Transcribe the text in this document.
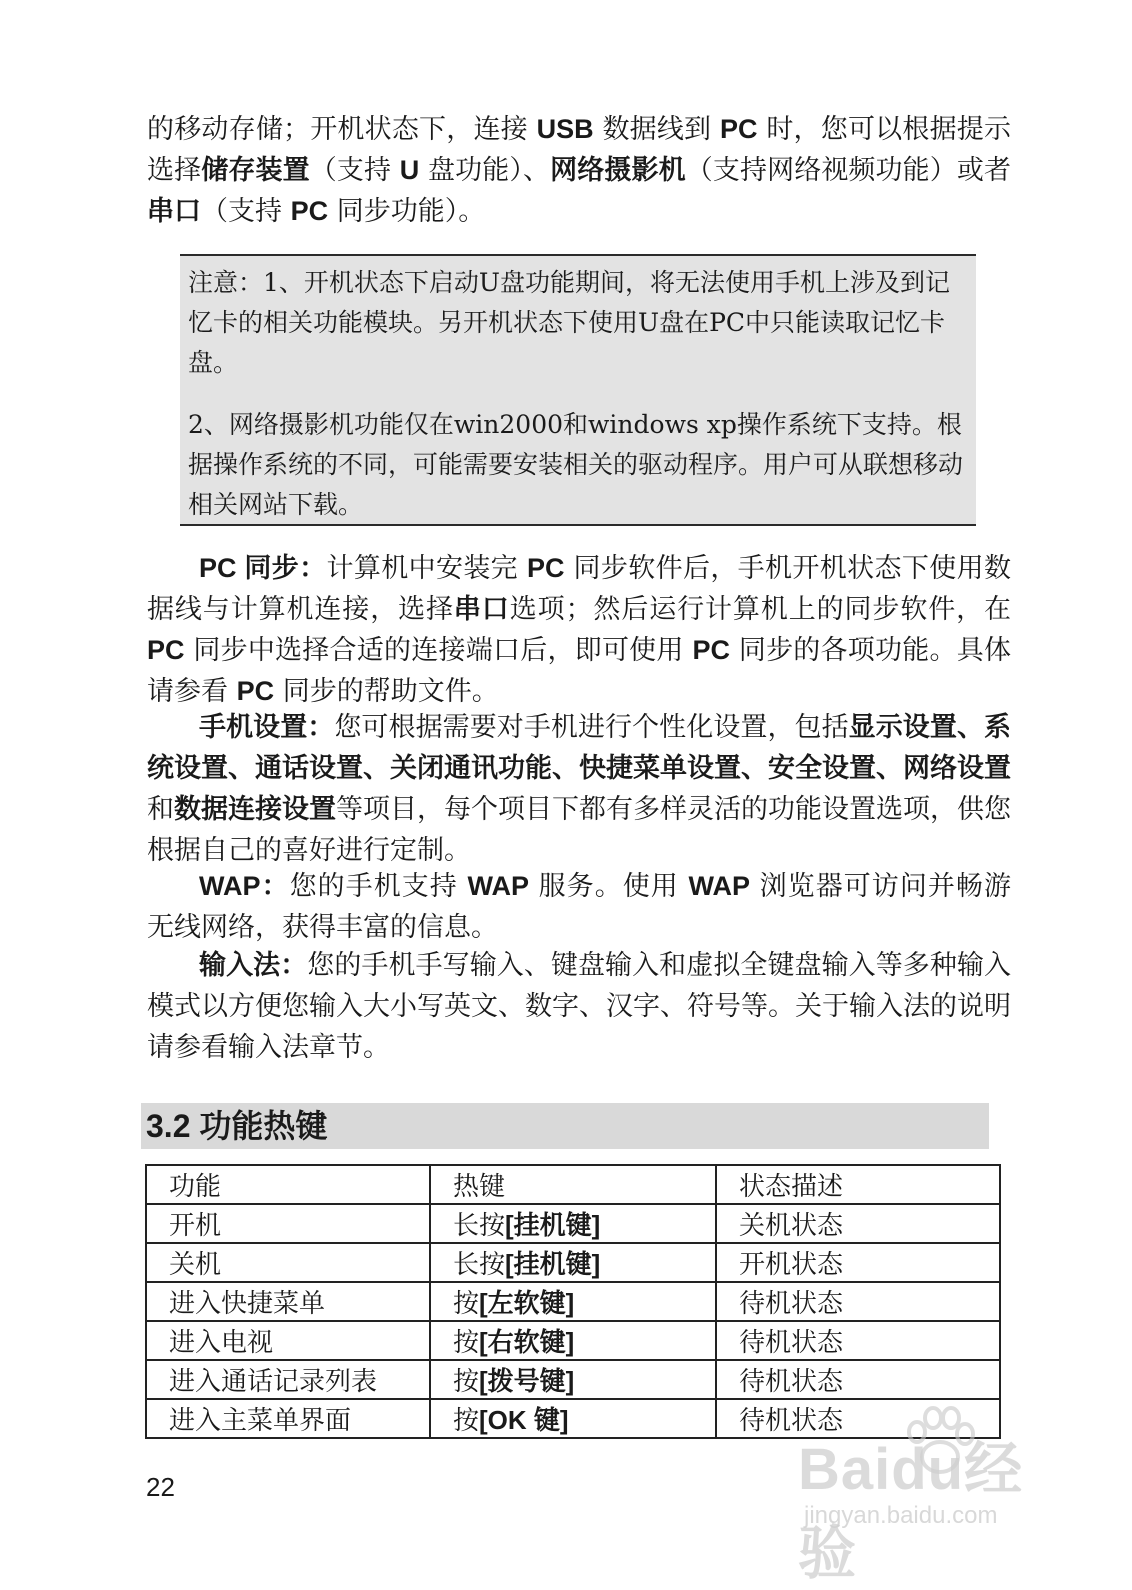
的移动存储；开机状态下，连接 USB 数据线到 PC 时，您可以根据提示选择储存装置（支持 U 盘功能）、网络摄影机（支持网络视频功能）或者串口（支持 PC 同步功能）。

注意：1、开机状态下启动U盘功能期间，将无法使用手机上涉及到记忆卡的相关功能模块。另开机状态下使用U盘在PC中只能读取记忆卡盘。

2、网络摄影机功能仅在win2000和windows xp操作系统下支持。根据操作系统的不同，可能需要安装相关的驱动程序。用户可从联想移动相关网站下载。

PC 同步：计算机中安装完 PC 同步软件后，手机开机状态下使用数据线与计算机连接，选择串口选项；然后运行计算机上的同步软件，在 PC 同步中选择合适的连接端口后，即可使用 PC 同步的各项功能。具体请参看 PC 同步的帮助文件。

手机设置：您可根据需要对手机进行个性化设置，包括显示设置、系统设置、通话设置、关闭通讯功能、快捷菜单设置、安全设置、网络设置和数据连接设置等项目，每个项目下都有多样灵活的功能设置选项，供您根据自己的喜好进行定制。

WAP：您的手机支持 WAP 服务。使用 WAP 浏览器可访问并畅游无线网络，获得丰富的信息。

输入法：您的手机手写输入、键盘输入和虚拟全键盘输入等多种输入模式以方便您输入大小写英文、数字、汉字、符号等。关于输入法的说明请参看输入法章节。

3.2 功能热键
功能	热键	状态描述
开机	长按[挂机键]	关机状态
关机	长按[挂机键]	开机状态
进入快捷菜单	按[左软键]	待机状态
进入电视	按[右软键]	待机状态
进入通话记录列表	按[拨号键]	待机状态
进入主菜单界面	按[OK 键]	待机状态
22	Baidu经验
jingyan.baidu.com
